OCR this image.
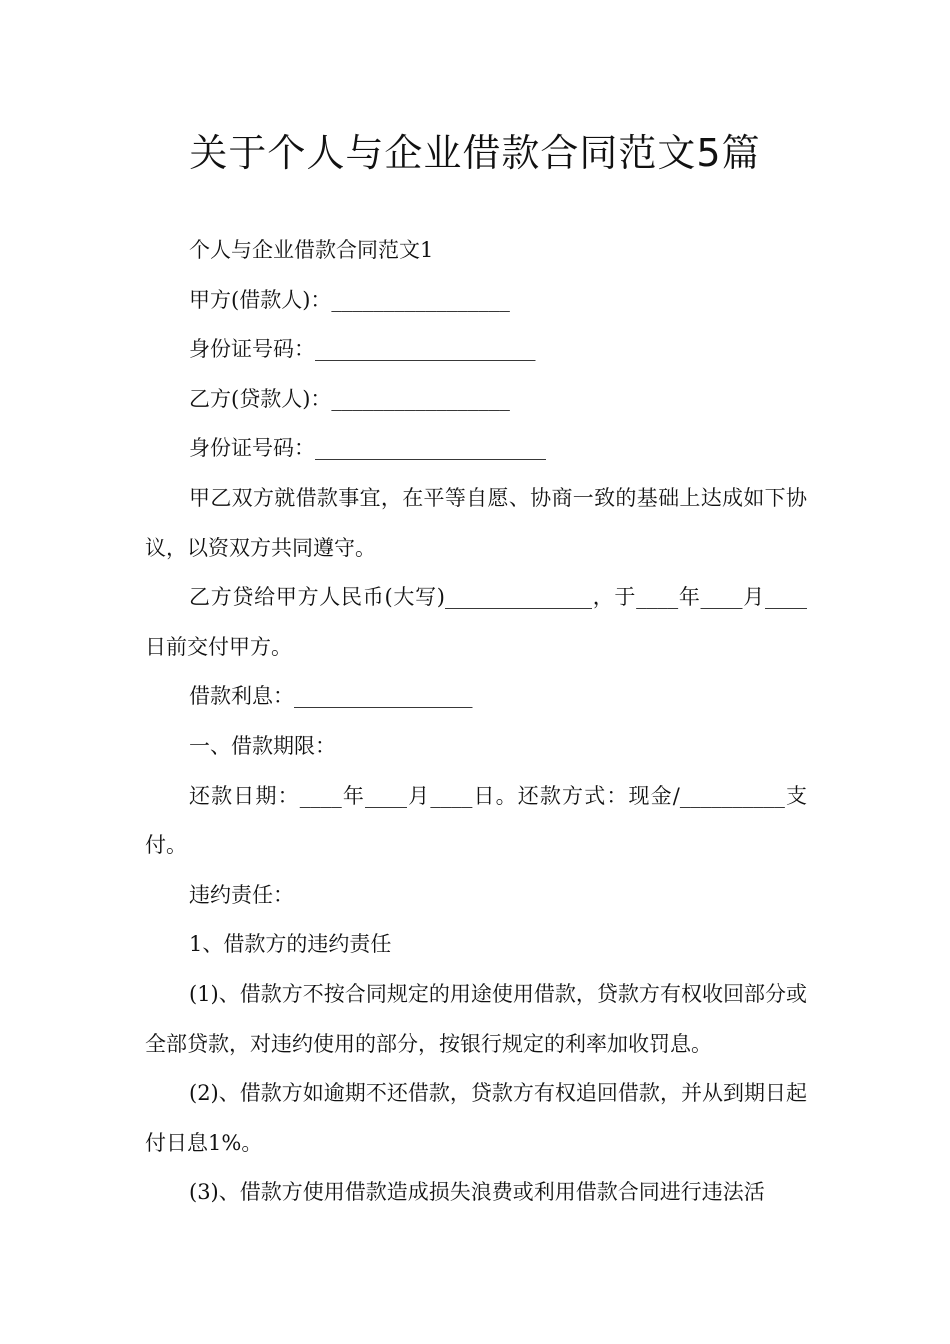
关于个人与企业借款合同范文5篇

个人与企业借款合同范文1

甲方(借款人)：_________________

身份证号码：_____________________

乙方(贷款人)：_________________

身份证号码：______________________

甲乙双方就借款事宜，在平等自愿、协商一致的基础上达成如下协议，以资双方共同遵守。

乙方贷给甲方人民币(大写)______________，于____年____月____日前交付甲方。

借款利息：_________________

一、借款期限：

还款日期：____年____月____日。还款方式：现金/__________支付。

违约责任：

1、借款方的违约责任

(1)、借款方不按合同规定的用途使用借款，贷款方有权收回部分或全部贷款，对违约使用的部分，按银行规定的利率加收罚息。

(2)、借款方如逾期不还借款，贷款方有权追回借款，并从到期日起付日息1%。

(3)、借款方使用借款造成损失浪费或利用借款合同进行违法活
